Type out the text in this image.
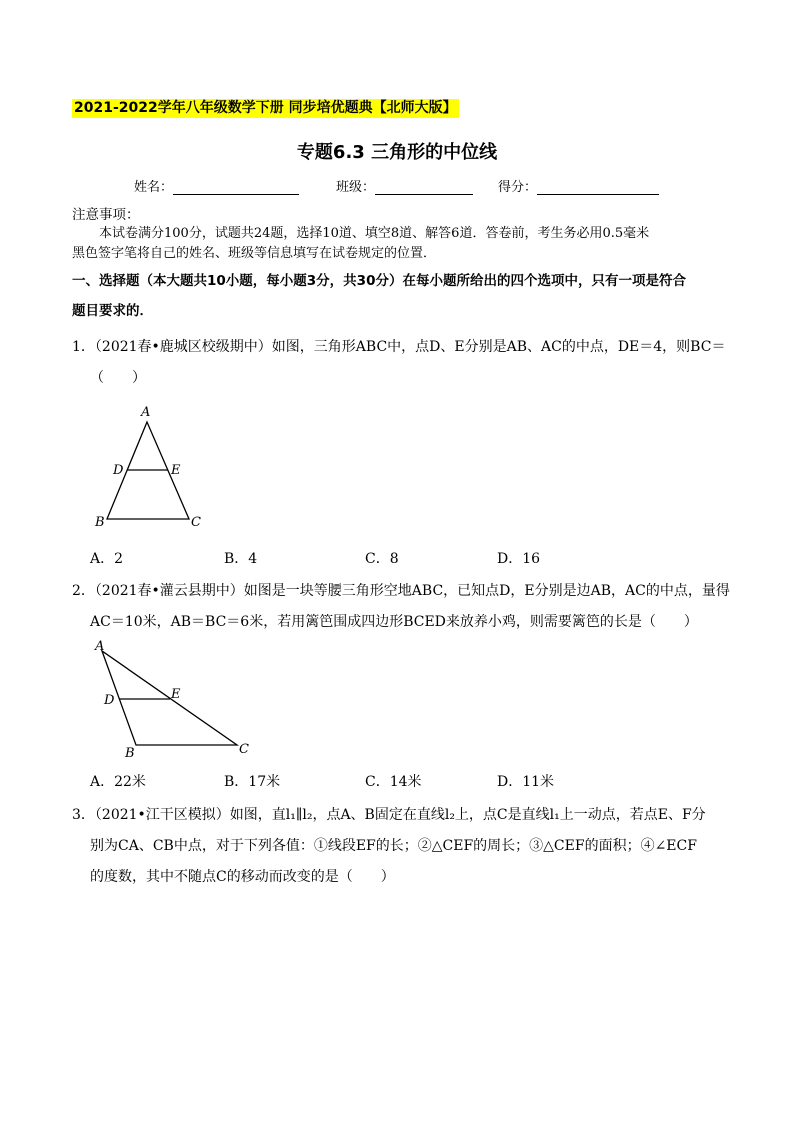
2021-2022学年八年级数学下册 同步培优题典【北师大版】
专题6.3 三角形的中位线
姓名：	班级：	得分：
注意事项：
本试卷满分100分，试题共24题，选择10道、填空8道、解答6道．答卷前，考生务必用0.5毫米
黑色签字笔将自己的姓名、班级等信息填写在试卷规定的位置．
一、选择题（本大题共10小题，每小题3分，共30分）在每小题所给出的四个选项中，只有一项是符合
题目要求的．
1．（2021春•鹿城区校级期中）如图，三角形ABC中，点D、E分别是AB、AC的中点，DE＝4，则BC＝
（　　）
A
D	E
B	C
A．2	B．4	C．8	D．16
2．（2021春•灌云县期中）如图是一块等腰三角形空地ABC，已知点D，E分别是边AB，AC的中点，量得
AC＝10米，AB＝BC＝6米，若用篱笆围成四边形BCED来放养小鸡，则需要篱笆的长是（　　）
A
D	E
B	C
A．22米	B．17米	C．14米	D．11米
3．（2021•江干区模拟）如图，直l₁∥l₂，点A、B固定在直线l₂上，点C是直线l₁上一动点，若点E、F分
别为CA、CB中点，对于下列各值：①线段EF的长；②△CEF的周长；③△CEF的面积；④∠ECF
的度数，其中不随点C的移动而改变的是（　　）
